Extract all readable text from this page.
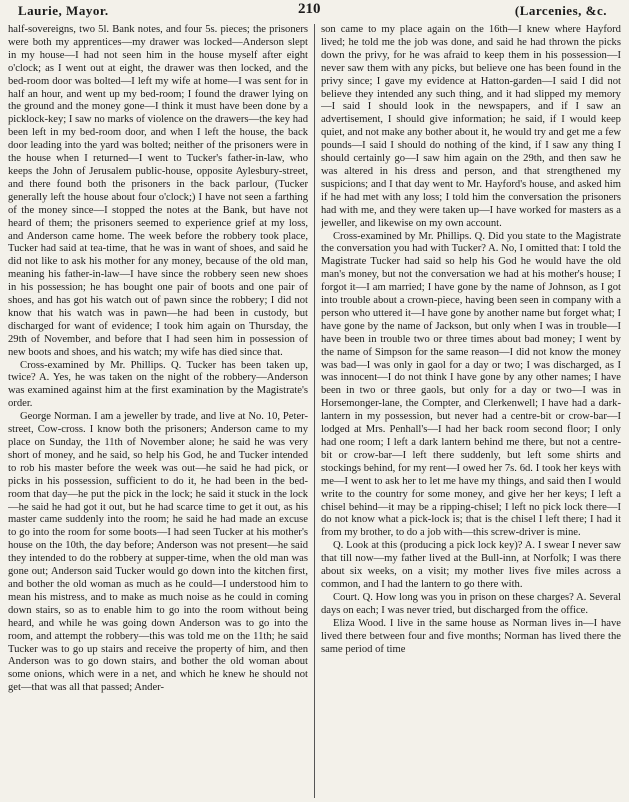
Laurie, Mayor.	210	(Larcenies, &c.

half-sovereigns, two 5l. Bank notes, and four 5s. pieces; the prisoners were both my apprentices—my drawer was locked—Anderson slept in my house—I had not seen him in the house myself after eight o'clock; as I went out at eight, the drawer was then locked, and the bed-room door was bolted—I left my wife at home—I was sent for in half an hour, and went up my bed-room; I found the drawer lying on the ground and the money gone—I think it must have been done by a picklock-key; I saw no marks of violence on the drawers—the key had been left in my bed-room door, and when I left the house, the back door leading into the yard was bolted; neither of the prisoners were in the house when I returned—I went to Tucker's father-in-law, who keeps the John of Jerusalem public-house, opposite Aylesbury-street, and there found both the prisoners in the back parlour, (Tucker generally left the house about four o'clock;) I have not seen a farthing of the money since—I stopped the notes at the Bank, but have not heard of them; the prisoners seemed to experience grief at my loss, and Anderson came home. The week before the robbery took place, Tucker had said at tea-time, that he was in want of shoes, and said he did not like to ask his mother for any money, because of the old man, meaning his father-in-law—I have since the robbery seen new shoes in his possession; he has bought one pair of boots and one pair of shoes, and has got his watch out of pawn since the robbery; I did not know that his watch was in pawn—he had been in custody, but discharged for want of evidence; I took him again on Thursday, the 29th of November, and before that I had seen him in possession of new boots and shoes, and his watch; my wife has died since that.

Cross-examined by Mr. Phillips. Q. Tucker has been taken up, twice? A. Yes, he was taken on the night of the robbery—Anderson was examined against him at the first examination by the Magistrate's order.

George Norman. I am a jeweller by trade, and live at No. 10, Peter-street, Cow-cross. I know both the prisoners; Anderson came to my place on Sunday, the 11th of November alone; he said he was very short of money, and he said, so help his God, he and Tucker intended to rob his master before the week was out—he said he had pick, or picks in his possession, sufficient to do it, he had been in the bed-room that day—he put the pick in the lock; he said it stuck in the lock—he said he had got it out, but he had scarce time to get it out, as his master came suddenly into the room; he said he had made an excuse to go into the room for some boots—I had seen Tucker at his mother's house on the 10th, the day before; Anderson was not present—he said they intended to do the robbery at supper-time, when the old man was gone out; Anderson said Tucker would go down into the kitchen first, and bother the old woman as much as he could—I understood him to mean his mistress, and to make as much noise as he could in coming down stairs, so as to enable him to go into the room without being heard, and while he was going down Anderson was to go into the room, and attempt the robbery—this was told me on the 11th; he said Tucker was to go up stairs and receive the property of him, and then Anderson was to go down stairs, and bother the old woman about some onions, which were in a net, and which he knew he should not get—that was all that passed; Ander-

son came to my place again on the 16th—I knew where Hayford lived; he told me the job was done, and said he had thrown the picks down the privy, for he was afraid to keep them in his possession—I never saw them with any picks, but believe one has been found in the privy since; I gave my evidence at Hatton-garden—I said I did not believe they intended any such thing, and it had slipped my memory—I said I should look in the newspapers, and if I saw an advertisement, I should give information; he said, if I would keep quiet, and not make any bother about it, he would try and get me a few pounds—I said I should do nothing of the kind, if I saw any thing I should certainly go—I saw him again on the 29th, and then saw he was altered in his dress and person, and that strengthened my suspicions; and I that day went to Mr. Hayford's house, and asked him if he had met with any loss; I told him the conversation the prisoners had with me, and they were taken up—I have worked for masters as a jeweller, and likewise on my own account.

Cross-examined by Mr. Phillips. Q. Did you state to the Magistrate the conversation you had with Tucker? A. No, I omitted that: I told the Magistrate Tucker had said so help his God he would have the old man's money, but not the conversation we had at his mother's house; I forgot it—I am married; I have gone by the name of Johnson, as I got into trouble about a crown-piece, having been seen in company with a person who uttered it—I have gone by another name but forget what; I have gone by the name of Jackson, but only when I was in trouble—I have been in trouble two or three times about bad money; I went by the name of Simpson for the same reason—I did not know the money was bad—I was only in gaol for a day or two; I was discharged, as I was innocent—I do not think I have gone by any other names; I have been in two or three gaols, but only for a day or two—I was in Horsemonger-lane, the Compter, and Clerkenwell; I have had a dark-lantern in my possession, but never had a centre-bit or crow-bar—I lodged at Mrs. Penhall's—I had her back room second floor; I only had one room; I left a dark lantern behind me there, but not a centre-bit or crow-bar—I left there suddenly, but left some shirts and stockings behind, for my rent—I owed her 7s. 6d. I took her keys with me—I went to ask her to let me have my things, and said then I would write to the country for some money, and give her her keys; I left a chisel behind—it may be a ripping-chisel; I left no pick lock there—I do not know what a pick-lock is; that is the chisel I left there; I had it from my brother, to do a job with—this screw-driver is mine.

Q. Look at this (producing a pick lock key)? A. I swear I never saw that till now—my father lived at the Bull-inn, at Norfolk; I was there about six weeks, on a visit; my mother lives five miles across a common, and I had the lantern to go there with.

Court. Q. How long was you in prison on these charges? A. Several days on each; I was never tried, but discharged from the office.

Eliza Wood. I live in the same house as Norman lives in—I have lived there between four and five months; Norman has lived there the same period of time
